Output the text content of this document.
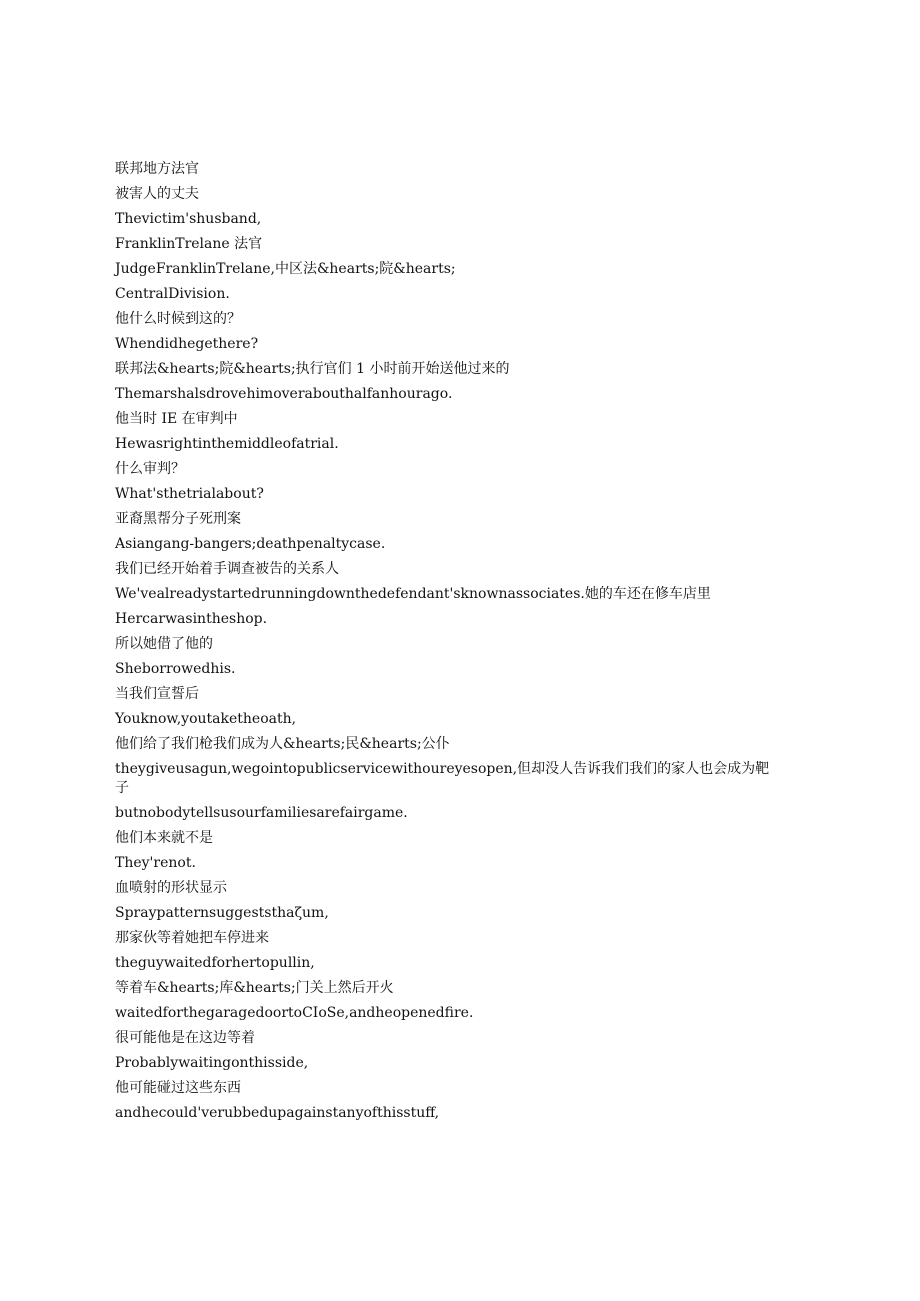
联邦地方法官
被害人的丈夫
Thevictim'shusband,
FranklinTrelane 法官
JudgeFranklinTrelane,中区法&hearts;院&hearts;
CentralDivision.
他什么时候到这的？
Whendidhegethere?
联邦法&hearts;院&hearts;执行官们 1 小时前开始送他过来的
Themarshalsdrovehimoverabouthalfanhourago.
他当时 IE 在审判中
Hewasrightinthemiddleofatrial.
什么审判？
What'sthetrialabout?
亚裔黑帮分子死刑案
Asiangang-bangers;deathpenaltycase.
我们已经开始着手调查被告的关系人
We'vealreadystartedrunningdownthedefendant'sknownassociates.她的车还在修车店里
Hercarwasintheshop.
所以她借了他的
Sheborrowedhis.
当我们宣誓后
Youknow,youtaketheoath,
他们给了我们枪我们成为人&hearts;民&hearts;公仆
theygiveusagun,wegointopublicservicewithoureyesopen,但却没人告诉我们我们的家人也会成为靶子
butnobodytellsusourfamiliesarefairgame.
他们本来就不是
They'renot.
血喷射的形状显示
Spraypatternsuggeststhaζum,
那家伙等着她把车停进来
theguywaitedforhertopullin,
等着车&hearts;库&hearts;门关上然后开火
waitedforthegaragedoortoCIoSe,andheopenedfire.
很可能他是在这边等着
Probablywaitingonthisside,
他可能碰过这些东西
andhecould'verubbedupagainstanyofthisstuff,
